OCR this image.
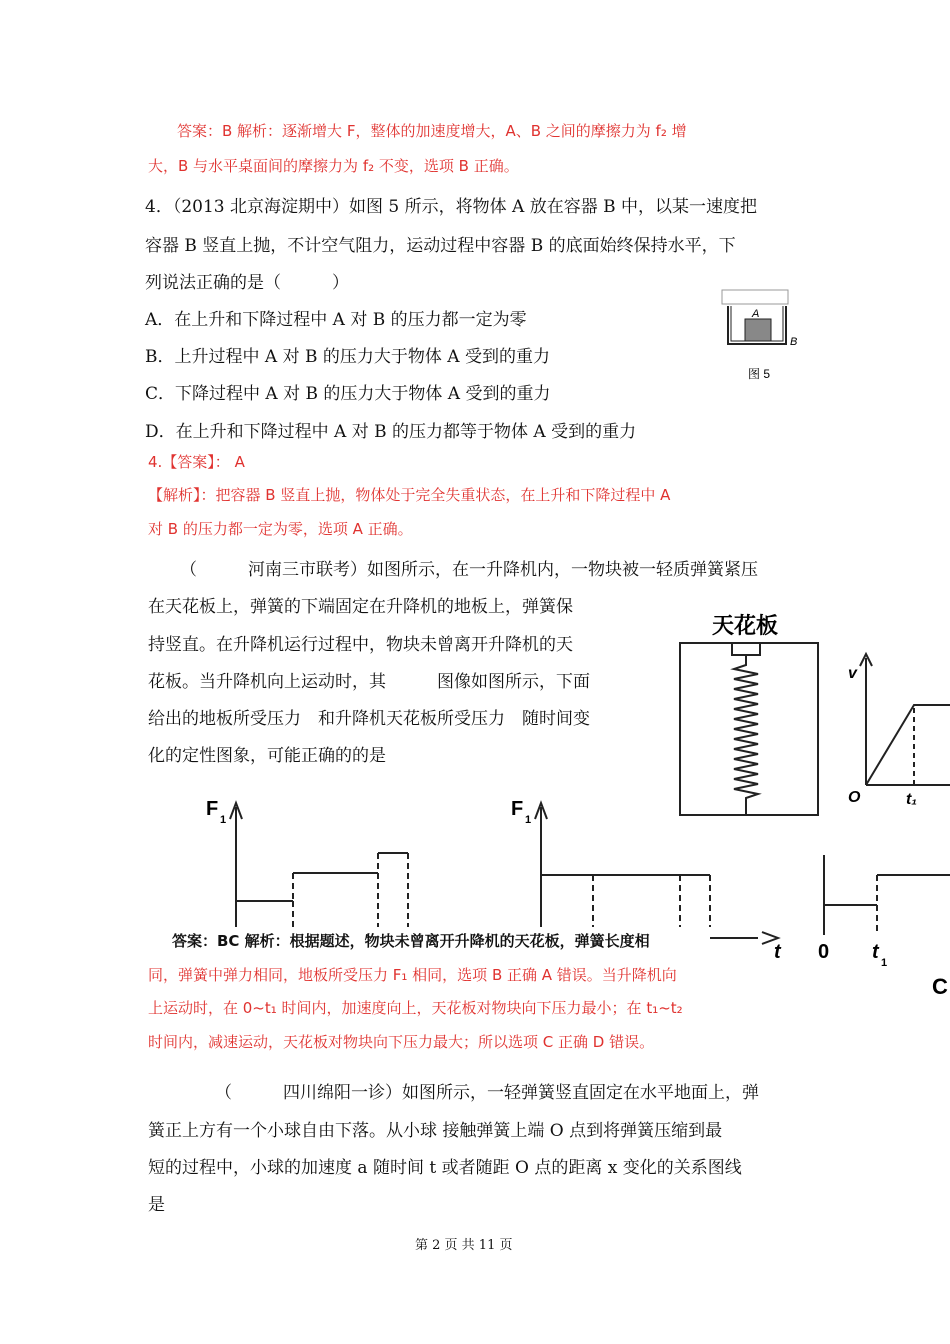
答案：B 解析：逐渐增大 F，整体的加速度增大，A、B 之间的摩擦力为 f₂ 增
大，B 与水平桌面间的摩擦力为 f₂ 不变，选项 B 正确。
4．（2013 北京海淀期中）如图 5 所示，将物体 A 放在容器 B 中，以某一速度把
容器 B 竖直上抛，不计空气阻力，运动过程中容器 B 的底面始终保持水平，下
列说法正确的是（　　　）
A．在上升和下降过程中 A 对 B 的压力都一定为零
B．上升过程中 A 对 B 的压力大于物体 A 受到的重力
C．下降过程中 A 对 B 的压力大于物体 A 受到的重力
D．在上升和下降过程中 A 对 B 的压力都等于物体 A 受到的重力
A
B
图 5
4.【答案】： A
【解析】：把容器 B 竖直上抛，物体处于完全失重状态，在上升和下降过程中 A
对 B 的压力都一定为零，选项 A 正确。
（　　　河南三市联考）如图所示，在一升降机内，一物块被一轻质弹簧紧压
在天花板上，弹簧的下端固定在升降机的地板上，弹簧保
持竖直。在升降机运行过程中，物块未曾离开升降机的天
花板。当升降机向上运动时，其　　　图像如图所示，下面
给出的地板所受压力　和升降机天花板所受压力　随时间变
化的定性图象，可能正确的的是
天花板
v
O	t₁
F 1	F 1
t 0 t 1
C
答案：BC 解析：根据题述，物块未曾离开升降机的天花板，弹簧长度相
同，弹簧中弹力相同，地板所受压力 F₁ 相同，选项 B 正确 A 错误。当升降机向
上运动时，在 0~t₁ 时间内，加速度向上，天花板对物块向下压力最小；在 t₁~t₂
时间内，减速运动，天花板对物块向下压力最大；所以选项 C 正确 D 错误。
（　　　四川绵阳一诊）如图所示，一轻弹簧竖直固定在水平地面上，弹
簧正上方有一个小球自由下落。从小球 接触弹簧上端 O 点到将弹簧压缩到最
短的过程中，小球的加速度 a 随时间 t 或者随距 O 点的距离 x 变化的关系图线
是
第 2 页 共 11 页
